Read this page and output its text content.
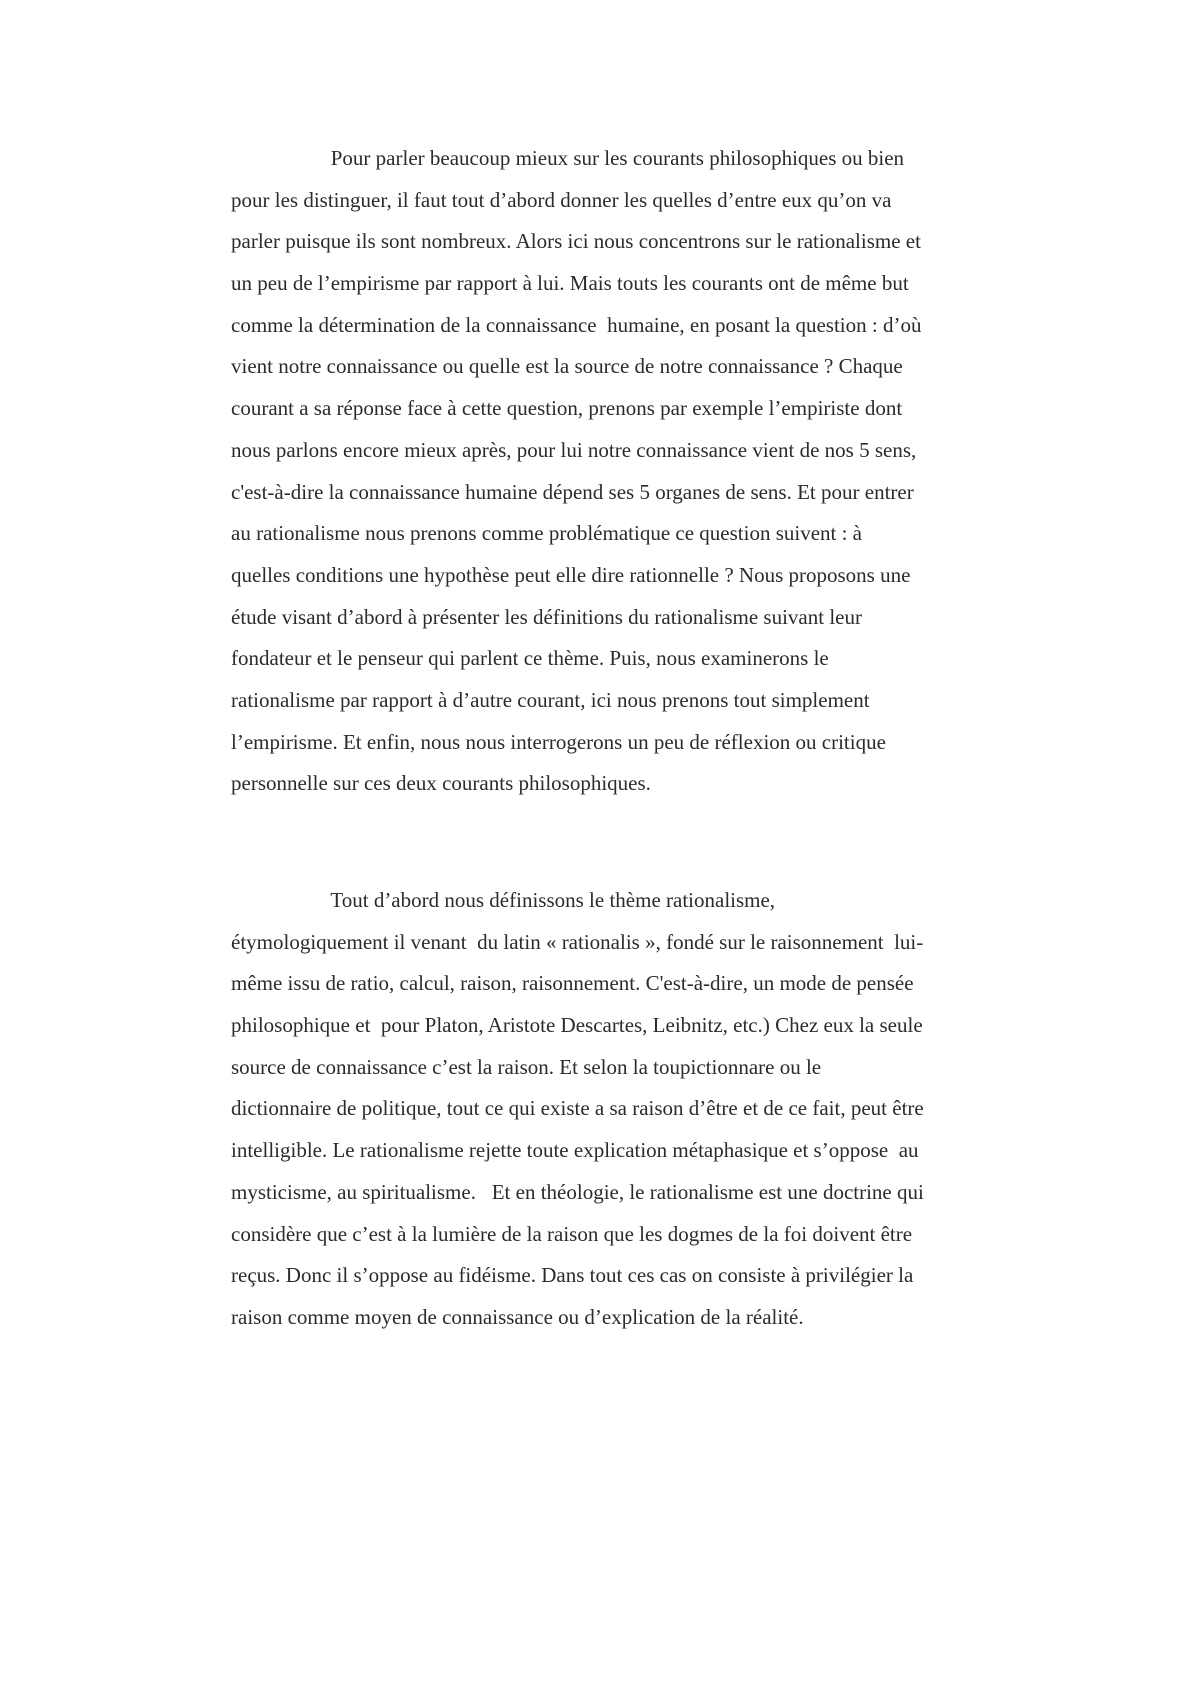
Pour parler beaucoup mieux sur les courants philosophiques ou bien
pour les distinguer, il faut tout d’abord donner les quelles d’entre eux qu’on va
parler puisque ils sont nombreux. Alors ici nous concentrons sur le rationalisme et
un peu de l’empirisme par rapport à lui. Mais touts les courants ont de même but
comme la détermination de la connaissance  humaine, en posant la question : d’où
vient notre connaissance ou quelle est la source de notre connaissance ? Chaque
courant a sa réponse face à cette question, prenons par exemple l’empiriste dont
nous parlons encore mieux après, pour lui notre connaissance vient de nos 5 sens,
c'est-à-dire la connaissance humaine dépend ses 5 organes de sens. Et pour entrer
au rationalisme nous prenons comme problématique ce question suivent : à
quelles conditions une hypothèse peut elle dire rationnelle ? Nous proposons une
étude visant d’abord à présenter les définitions du rationalisme suivant leur
fondateur et le penseur qui parlent ce thème. Puis, nous examinerons le
rationalisme par rapport à d’autre courant, ici nous prenons tout simplement
l’empirisme. Et enfin, nous nous interrogerons un peu de réflexion ou critique
personnelle sur ces deux courants philosophiques.
Tout d’abord nous définissons le thème rationalisme,
étymologiquement il venant  du latin « rationalis », fondé sur le raisonnement  lui-
même issu de ratio, calcul, raison, raisonnement. C'est-à-dire, un mode de pensée
philosophique et  pour Platon, Aristote Descartes, Leibnitz, etc.) Chez eux la seule
source de connaissance c’est la raison. Et selon la toupictionnare ou le
dictionnaire de politique, tout ce qui existe a sa raison d’être et de ce fait, peut être
intelligible. Le rationalisme rejette toute explication métaphasique et s’oppose  au
mysticisme, au spiritualisme.   Et en théologie, le rationalisme est une doctrine qui
considère que c’est à la lumière de la raison que les dogmes de la foi doivent être
reçus. Donc il s’oppose au fidéisme. Dans tout ces cas on consiste à privilégier la
raison comme moyen de connaissance ou d’explication de la réalité.
